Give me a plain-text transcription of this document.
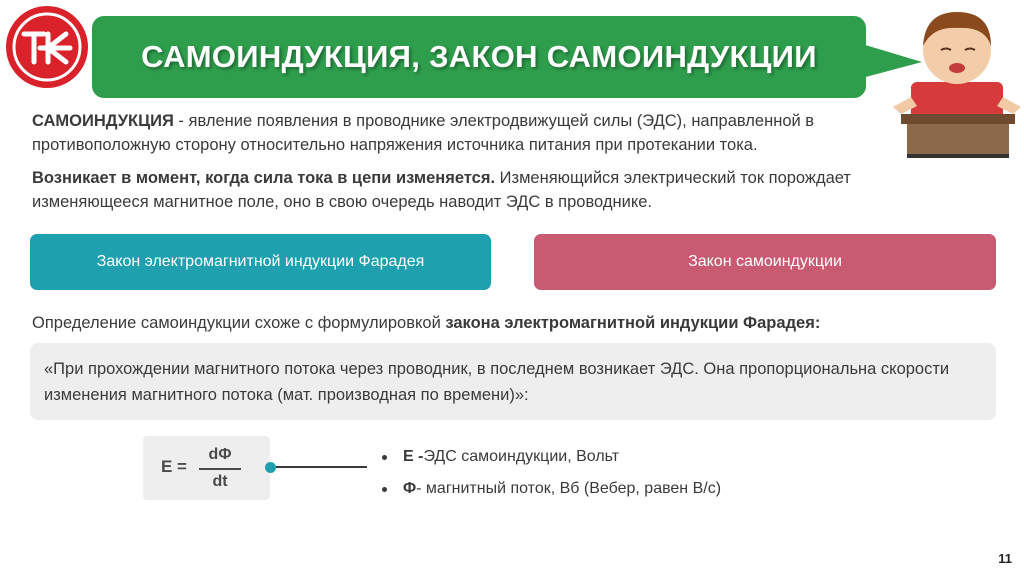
САМОИНДУКЦИЯ, ЗАКОН САМОИНДУКЦИИ
САМОИНДУКЦИЯ - явление появления в проводнике электродвижущей силы (ЭДС), направленной в противоположную сторону относительно напряжения источника питания при протекании тока.
Возникает в момент, когда сила тока в цепи изменяется. Изменяющийся электрический ток порождает изменяющееся магнитное поле, оно в свою очередь наводит ЭДС в проводнике.
Закон электромагнитной индукции Фарадея	Закон самоиндукции
Определение самоиндукции схоже с формулировкой закона электромагнитной индукции Фарадея:
«При прохождении магнитного потока через проводник, в последнем возникает ЭДС. Она пропорциональна скорости изменения магнитного потока (мат. производная по времени)»:
E =
dΦ
dt
E - ЭДС самоиндукции, Вольт
Φ - магнитный поток, Вб (Вебер, равен В/с)
11
